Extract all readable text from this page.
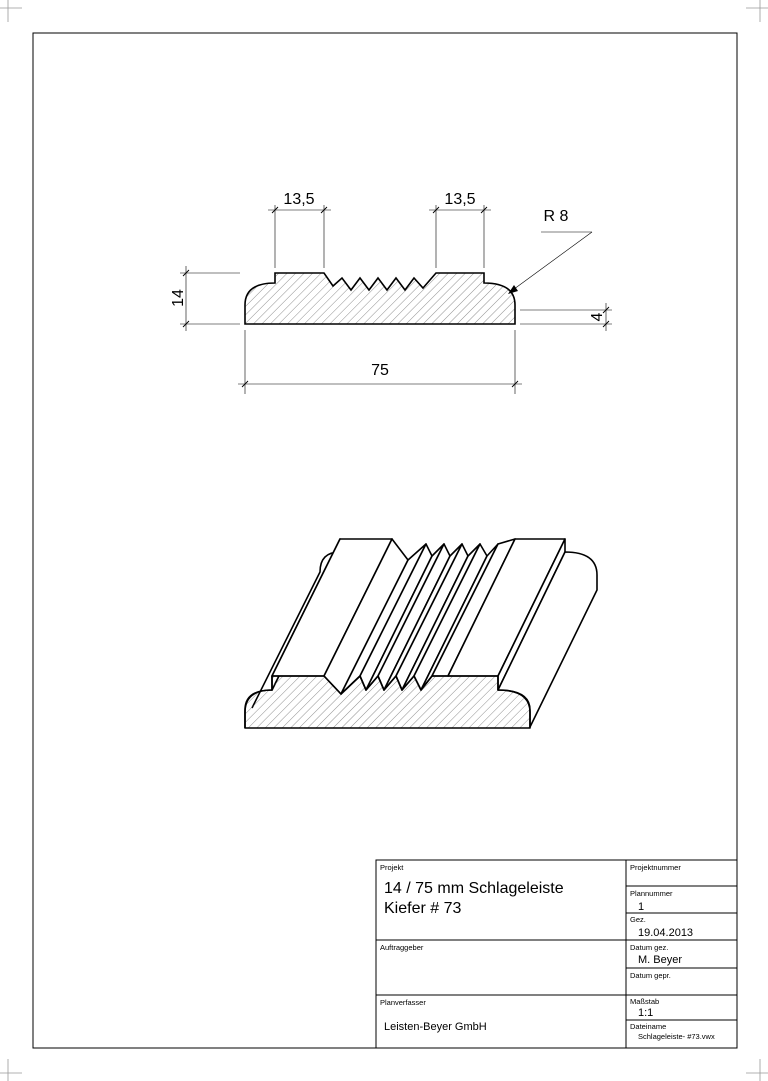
13,5	13,5
R 8
14
4
75
Projekt
14 / 75 mm Schlageleiste
Kiefer # 73
Projektnummer
Plannummer
1
Gez.
19.04.2013
Auftraggeber	Datum gez.
M. Beyer
Datum gepr.
Planverfasser
Leisten-Beyer GmbH
Maßstab
1:1
Dateiname
Schlageleiste- #73.vwx
